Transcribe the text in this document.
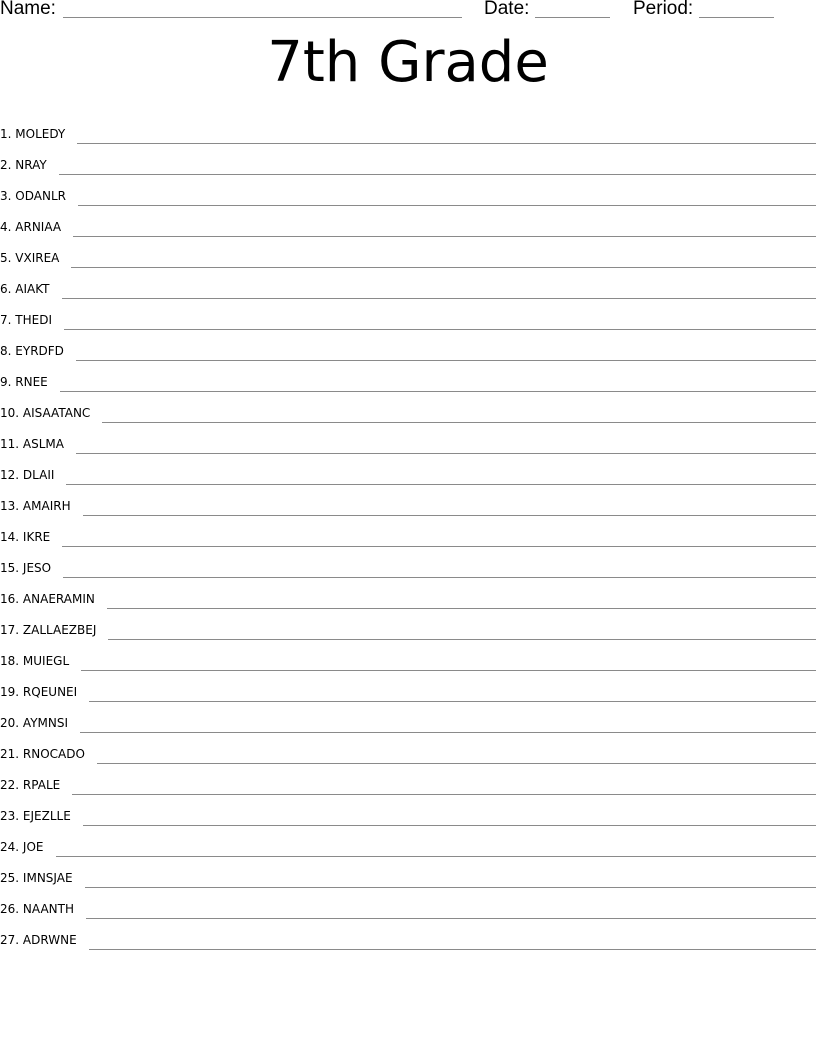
Name:	Date:	Period:
7th Grade
1. MOLEDY
2. NRAY
3. ODANLR
4. ARNIAA
5. VXIREA
6. AIAKT
7. THEDI
8. EYRDFD
9. RNEE
10. AISAATANC
11. ASLMA
12. DLAII
13. AMAIRH
14. IKRE
15. JESO
16. ANAERAMIN
17. ZALLAEZBEJ
18. MUIEGL
19. RQEUNEI
20. AYMNSI
21. RNOCADO
22. RPALE
23. EJEZLLE
24. JOE
25. IMNSJAE
26. NAANTH
27. ADRWNE
